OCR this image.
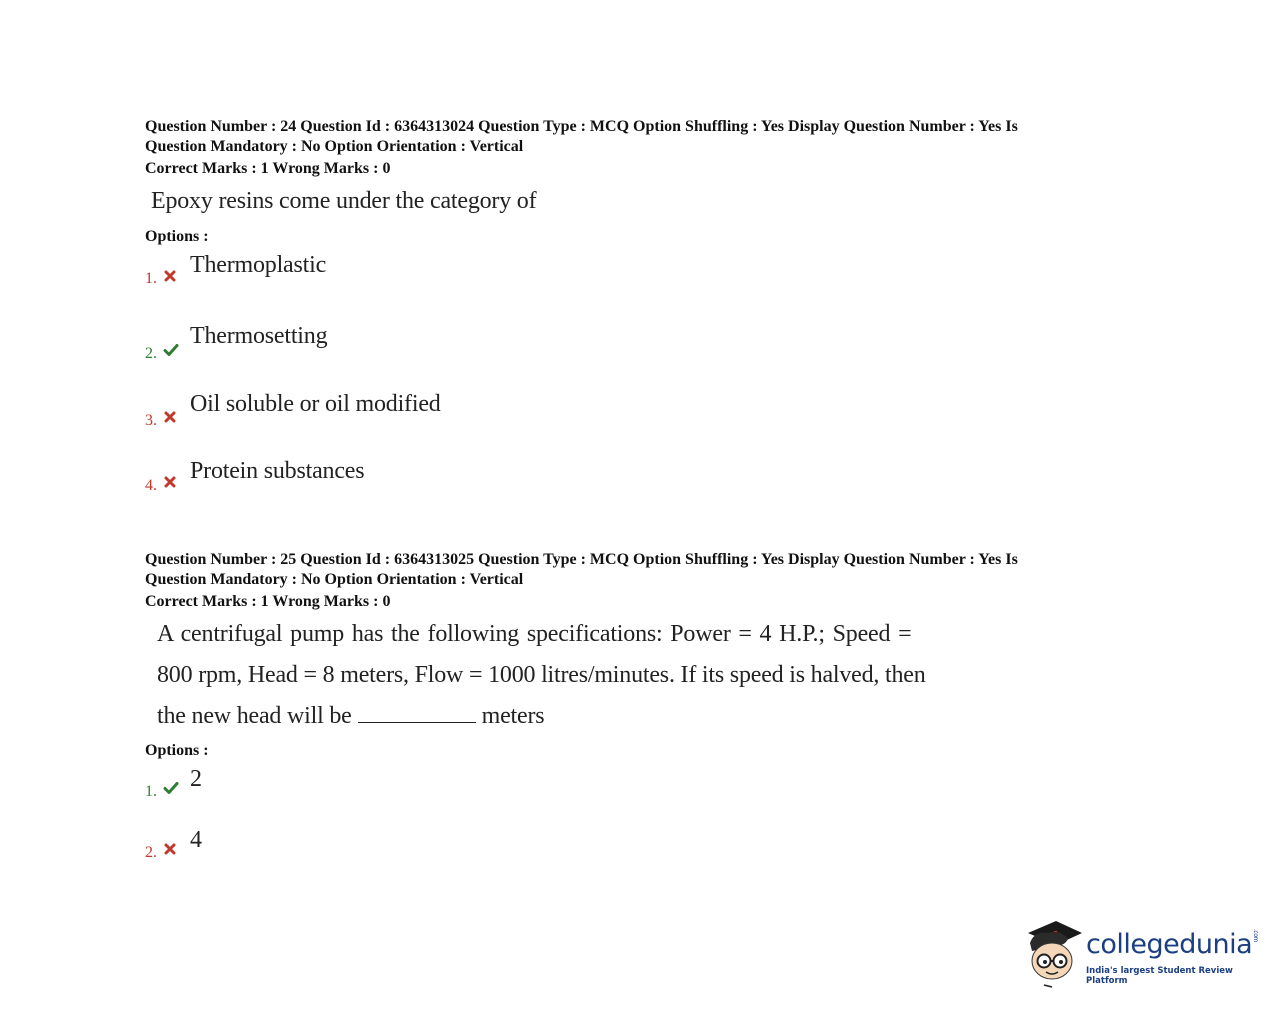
Question Number : 24 Question Id : 6364313024 Question Type : MCQ Option Shuffling : Yes Display Question Number : Yes Is
Question Mandatory : No Option Orientation : Vertical
Correct Marks : 1 Wrong Marks : 0
Epoxy resins come under the category of
Options :
1.
Thermoplastic
2.
Thermosetting
3.
Oil soluble or oil modified
4.
Protein substances
Question Number : 25 Question Id : 6364313025 Question Type : MCQ Option Shuffling : Yes Display Question Number : Yes Is
Question Mandatory : No Option Orientation : Vertical
Correct Marks : 1 Wrong Marks : 0
A centrifugal pump has the following specifications: Power = 4 H.P.; Speed =
800 rpm, Head = 8 meters, Flow = 1000 litres/minutes. If its speed is halved, then
the new head will be	meters
Options :
1. 2
2. 4
collegedunia.com
India's largest Student Review Platform
